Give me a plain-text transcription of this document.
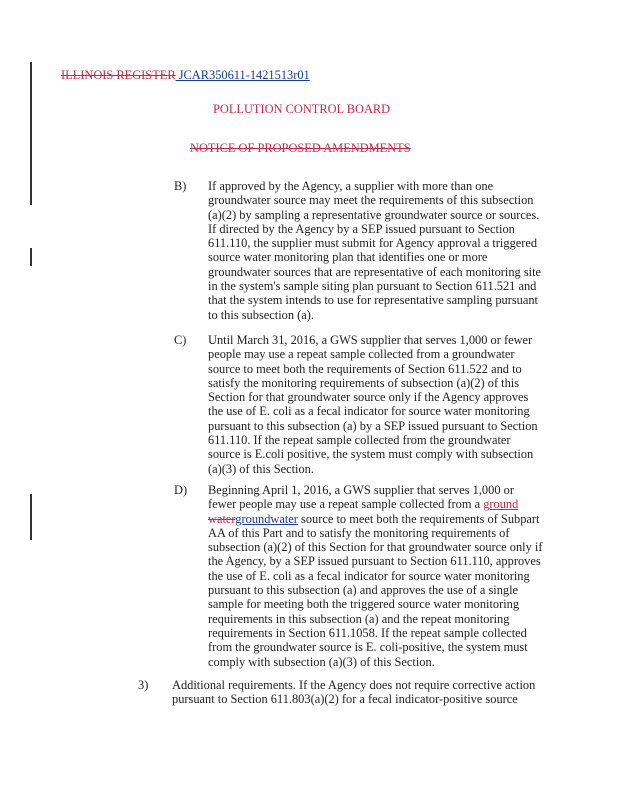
ILLINOIS REGISTER JCAR350611-1421513r01
POLLUTION CONTROL BOARD
NOTICE OF PROPOSED AMENDMENTS
B)	If approved by the Agency, a supplier with more than one
groundwater source may meet the requirements of this subsection
(a)(2) by sampling a representative groundwater source or sources.
If directed by the Agency by a SEP issued pursuant to Section
611.110, the supplier must submit for Agency approval a triggered
source water monitoring plan that identifies one or more
groundwater sources that are representative of each monitoring site
in the system's sample siting plan pursuant to Section 611.521 and
that the system intends to use for representative sampling pursuant
to this subsection (a).
C)	Until March 31, 2016, a GWS supplier that serves 1,000 or fewer
people may use a repeat sample collected from a groundwater
source to meet both the requirements of Section 611.522 and to
satisfy the monitoring requirements of subsection (a)(2) of this
Section for that groundwater source only if the Agency approves
the use of E. coli as a fecal indicator for source water monitoring
pursuant to this subsection (a) by a SEP issued pursuant to Section
611.110. If the repeat sample collected from the groundwater
source is E.coli positive, the system must comply with subsection
(a)(3) of this Section.
D)	Beginning April 1, 2016, a GWS supplier that serves 1,000 or
fewer people may use a repeat sample collected from a ground
watergroundwater source to meet both the requirements of Subpart
AA of this Part and to satisfy the monitoring requirements of
subsection (a)(2) of this Section for that groundwater source only if
the Agency, by a SEP issued pursuant to Section 611.110, approves
the use of E. coli as a fecal indicator for source water monitoring
pursuant to this subsection (a) and approves the use of a single
sample for meeting both the triggered source water monitoring
requirements in this subsection (a) and the repeat monitoring
requirements in Section 611.1058. If the repeat sample collected
from the groundwater source is E. coli-positive, the system must
comply with subsection (a)(3) of this Section.
3)	Additional requirements. If the Agency does not require corrective action
pursuant to Section 611.803(a)(2) for a fecal indicator-positive source
